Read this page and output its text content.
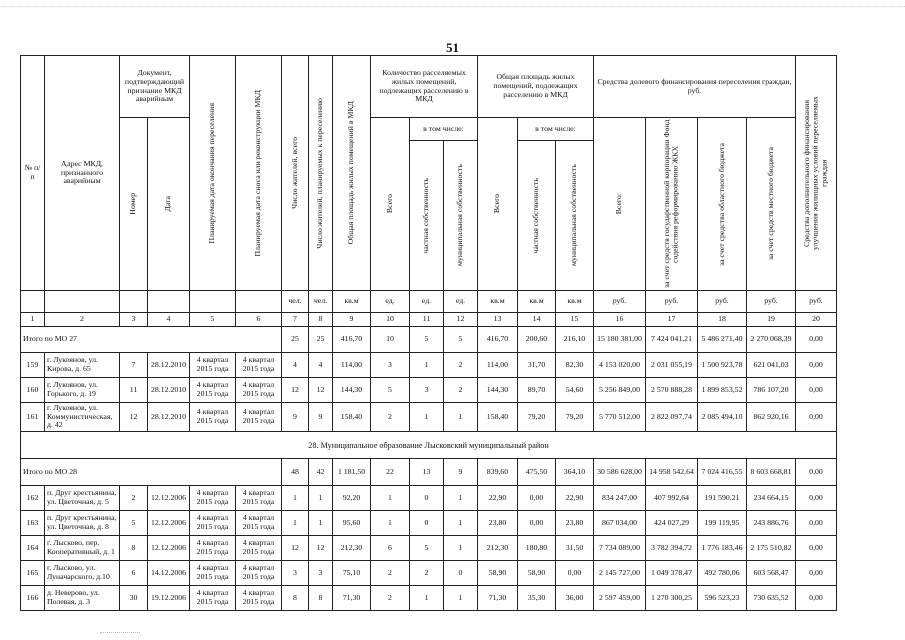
51
№ п/п	Адрес МКД, признанного аварийным	Документ, подтверждающий признание МКД аварийным		Планируемая дата окончания переселения	Планируемая дата сноса или реконструкции МКД	Число жителей, всего	Число жителей, планируемых к переселению	Общая площадь жилых помещений в МКД	Количество расселяемых жилых помещений, подлежащих расселению в МКД			Общая площадь жилых помещений, подлежащих расселению в МКД			Средства долевого финансирования переселения граждан, руб.				Средства дополнительного финансирования улучшения жилищных условий переселяемых граждан

		Номер	Дата						Всего	в том числе:		Всего	в том числе:		Всего:	за счет средств государственной корпорации Фонд содействия реформированию ЖКХ	за счет средства областного бюджета	за счет средств местного бюджета	

										частная собственность	муниципальная собственность		частная собственность	муниципальная собственность					

						чел.	чел.	кв.м	ед.	ед.	ед.	кв.м	кв.м	кв.м	руб.	руб.	руб.	руб.	руб.
1	2	3	4	5	6	7	8	9	10	11	12	13	14	15	16	17	18	19	20
Итого по МО 27						25	25	416,70	10	5	5	416,70	200,60	216,10	15 180 381,00	7 424 041,21	5 486 271,40	2 270 068,39	0,00
159	г. Лукоянов, ул. Кирова, д. 65	7	28.12.2010	4 квартал 2015 года	4 квартал 2015 года	4	4	114,00	3	1	2	114,00	31,70	82,30	4 153 020,00	2 031 055,19	1 500 923,78	621 041,03	0,00
160	г. Лукоянов, ул. Горького, д. 19	11	28.12.2010	4 квартал 2015 года	4 квартал 2015 года	12	12	144,30	5	3	2	144,30	89,70	54,60	5 256 849,00	2 570 888,28	1 899 853,52	786 107,20	0,00
161	г. Лукоянов, ул. Коммунистическая, д. 42	12	28.12.2010	4 квартал 2015 года	4 квартал 2015 года	9	9	158,40	2	1	1	158,40	79,20	79,20	5 770 512,00	2 822 097,74	2 085 494,10	862 920,16	0,00
28. Муниципальное образование Лысковский муниципальный район																			
Итого по МО 28						48	42	1 181,50	22	13	9	839,60	475,50	364,10	30 586 628,00	14 958 542,64	7 024 416,55	8 603 668,81	0,00
162	п. Друг крестьянина, ул. Цветочная, д. 5	2	12.12.2006	4 квартал 2015 года	4 квартал 2015 года	1	1	92,20	1	0	1	22,90	0,00	22,90	834 247,00	407 992,64	191 590,21	234 664,15	0,00
163	п. Друг крестьянина, ул. Цветочная, д. 8	5	12.12.2006	4 квартал 2015 года	4 квартал 2015 года	1	1	95,60	1	0	1	23,80	0,00	23,80	867 034,00	424 027,29	199 119,95	243 886,76	0,00
164	г. Лысково, пер. Кооперативный, д. 1	8	12.12.2006	4 квартал 2015 года	4 квартал 2015 года	12	12	212,30	6	5	1	212,30	180,80	31,50	7 734 089,00	3 782 394,72	1 776 183,46	2 175 510,82	0,00
165	г. Лысково, ул. Луначарского, д.10	6	14.12.2006	4 квартал 2015 года	4 квартал 2015 года	3	3	75,10	2	2	0	58,90	58,90	0,00	2 145 727,00	1 049 378,47	492 780,06	603 568,47	0,00
166	д. Неверово, ул. Полевая, д. 3	30	19.12.2006	4 квартал 2015 года	4 квартал 2015 года	8	8	71,30	2	1	1	71,30	35,30	36,00	2 597 459,00	1 270 300,25	596 523,23	730 635,52	0,00
